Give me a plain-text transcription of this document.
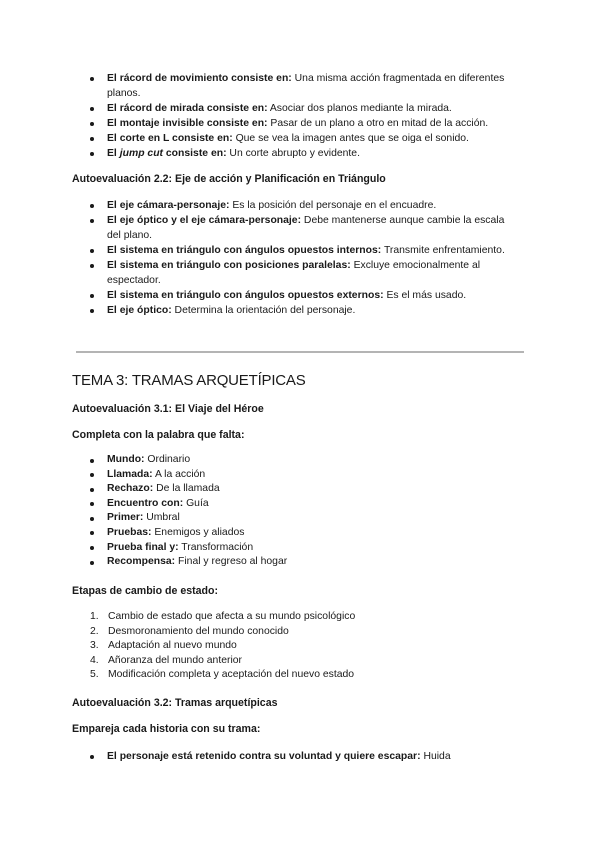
El rácord de movimiento consiste en: Una misma acción fragmentada en diferentes planos.
El rácord de mirada consiste en: Asociar dos planos mediante la mirada.
El montaje invisible consiste en: Pasar de un plano a otro en mitad de la acción.
El corte en L consiste en: Que se vea la imagen antes que se oiga el sonido.
El jump cut consiste en: Un corte abrupto y evidente.
Autoevaluación 2.2: Eje de acción y Planificación en Triángulo
El eje cámara-personaje: Es la posición del personaje en el encuadre.
El eje óptico y el eje cámara-personaje: Debe mantenerse aunque cambie la escala del plano.
El sistema en triángulo con ángulos opuestos internos: Transmite enfrentamiento.
El sistema en triángulo con posiciones paralelas: Excluye emocionalmente al espectador.
El sistema en triángulo con ángulos opuestos externos: Es el más usado.
El eje óptico: Determina la orientación del personaje.
TEMA 3: TRAMAS ARQUETÍPICAS
Autoevaluación 3.1: El Viaje del Héroe
Completa con la palabra que falta:
Mundo: Ordinario
Llamada: A la acción
Rechazo: De la llamada
Encuentro con: Guía
Primer: Umbral
Pruebas: Enemigos y aliados
Prueba final y: Transformación
Recompensa: Final y regreso al hogar
Etapas de cambio de estado:
1. Cambio de estado que afecta a su mundo psicológico
2. Desmoronamiento del mundo conocido
3. Adaptación al nuevo mundo
4. Añoranza del mundo anterior
5. Modificación completa y aceptación del nuevo estado
Autoevaluación 3.2: Tramas arquetípicas
Empareja cada historia con su trama:
El personaje está retenido contra su voluntad y quiere escapar: Huida
